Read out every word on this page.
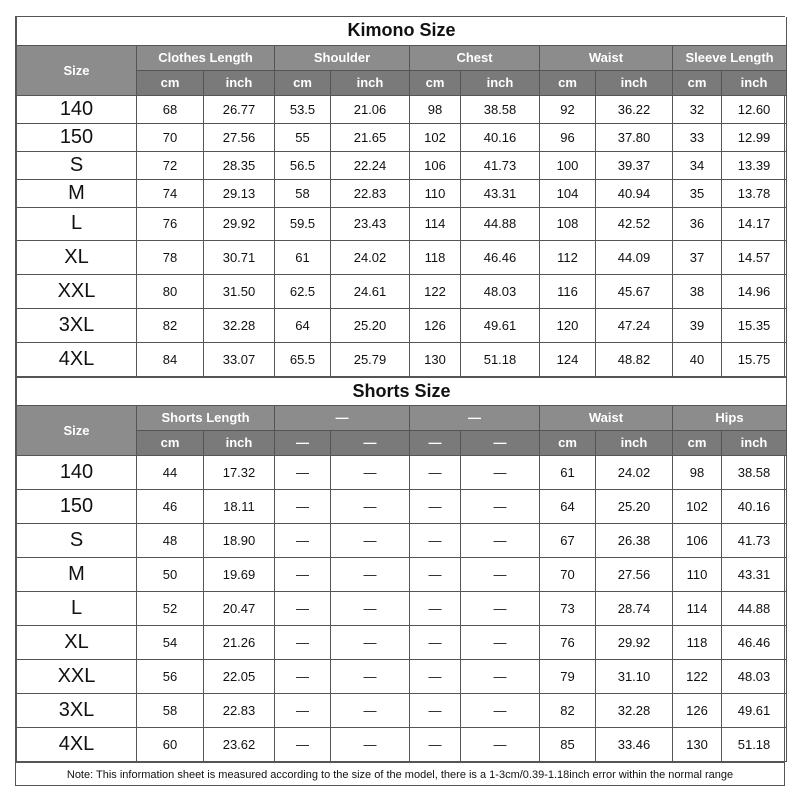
Kimono Size										
Size	Clothes Length		Shoulder		Chest		Waist		Sleeve Length	
	cm	inch	cm	inch	cm	inch	cm	inch	cm	inch
140	68	26.77	53.5	21.06	98	38.58	92	36.22	32	12.60
150	70	27.56	55	21.65	102	40.16	96	37.80	33	12.99
S	72	28.35	56.5	22.24	106	41.73	100	39.37	34	13.39
M	74	29.13	58	22.83	110	43.31	104	40.94	35	13.78
L	76	29.92	59.5	23.43	114	44.88	108	42.52	36	14.17
XL	78	30.71	61	24.02	118	46.46	112	44.09	37	14.57
XXL	80	31.50	62.5	24.61	122	48.03	116	45.67	38	14.96
3XL	82	32.28	64	25.20	126	49.61	120	47.24	39	15.35
4XL	84	33.07	65.5	25.79	130	51.18	124	48.82	40	15.75
Shorts Size										
Size	Shorts Length		—		—		Waist		Hips	
	cm	inch	—	—	—	—	cm	inch	cm	inch
140	44	17.32	—	—	—	—	61	24.02	98	38.58
150	46	18.11	—	—	—	—	64	25.20	102	40.16
S	48	18.90	—	—	—	—	67	26.38	106	41.73
M	50	19.69	—	—	—	—	70	27.56	110	43.31
L	52	20.47	—	—	—	—	73	28.74	114	44.88
XL	54	21.26	—	—	—	—	76	29.92	118	46.46
XXL	56	22.05	—	—	—	—	79	31.10	122	48.03
3XL	58	22.83	—	—	—	—	82	32.28	126	49.61
4XL	60	23.62	—	—	—	—	85	33.46	130	51.18
Note: This information sheet is measured according to the size of the model, there is a 1-3cm/0.39-1.18inch error within the normal range
